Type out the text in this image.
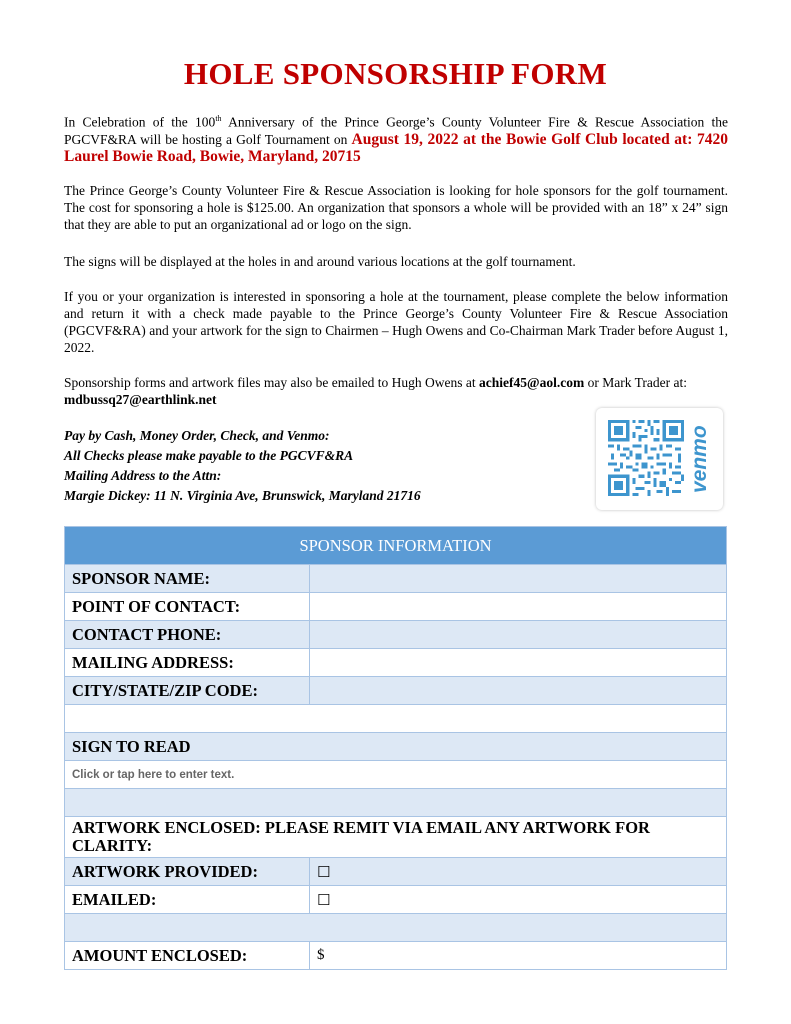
HOLE SPONSORSHIP FORM
In Celebration of the 100th Anniversary of the Prince George’s County Volunteer Fire & Rescue Association the PGCVF&RA will be hosting a Golf Tournament on August 19, 2022 at the Bowie Golf Club located at: 7420 Laurel Bowie Road, Bowie, Maryland, 20715
The Prince George’s County Volunteer Fire & Rescue Association is looking for hole sponsors for the golf tournament. The cost for sponsoring a hole is $125.00. An organization that sponsors a whole will be provided with an 18” x 24” sign that they are able to put an organizational ad or logo on the sign.
The signs will be displayed at the holes in and around various locations at the golf tournament.
If you or your organization is interested in sponsoring a hole at the tournament, please complete the below information and return it with a check made payable to the Prince George’s County Volunteer Fire & Rescue Association (PGCVF&RA) and your artwork for the sign to Chairmen – Hugh Owens and Co-Chairman Mark Trader before August 1, 2022.
Sponsorship forms and artwork files may also be emailed to Hugh Owens at achief45@aol.com or Mark Trader at: mdbussq27@earthlink.net
Pay by Cash, Money Order, Check, and Venmo:
All Checks please make payable to the PGCVF&RA
Mailing Address to the Attn:
Margie Dickey: 11 N. Virginia Ave, Brunswick, Maryland 21716
venmo
SPONSOR INFORMATION	
SPONSOR NAME:	
POINT OF CONTACT:	
CONTACT PHONE:	
MAILING ADDRESS:	
CITY/STATE/ZIP CODE:	

SIGN TO READ	
Click or tap here to enter text.	

ARTWORK ENCLOSED: PLEASE REMIT VIA EMAIL ANY ARTWORK FOR CLARITY:	
ARTWORK PROVIDED:	☐
EMAILED:	☐

AMOUNT ENCLOSED:	$
